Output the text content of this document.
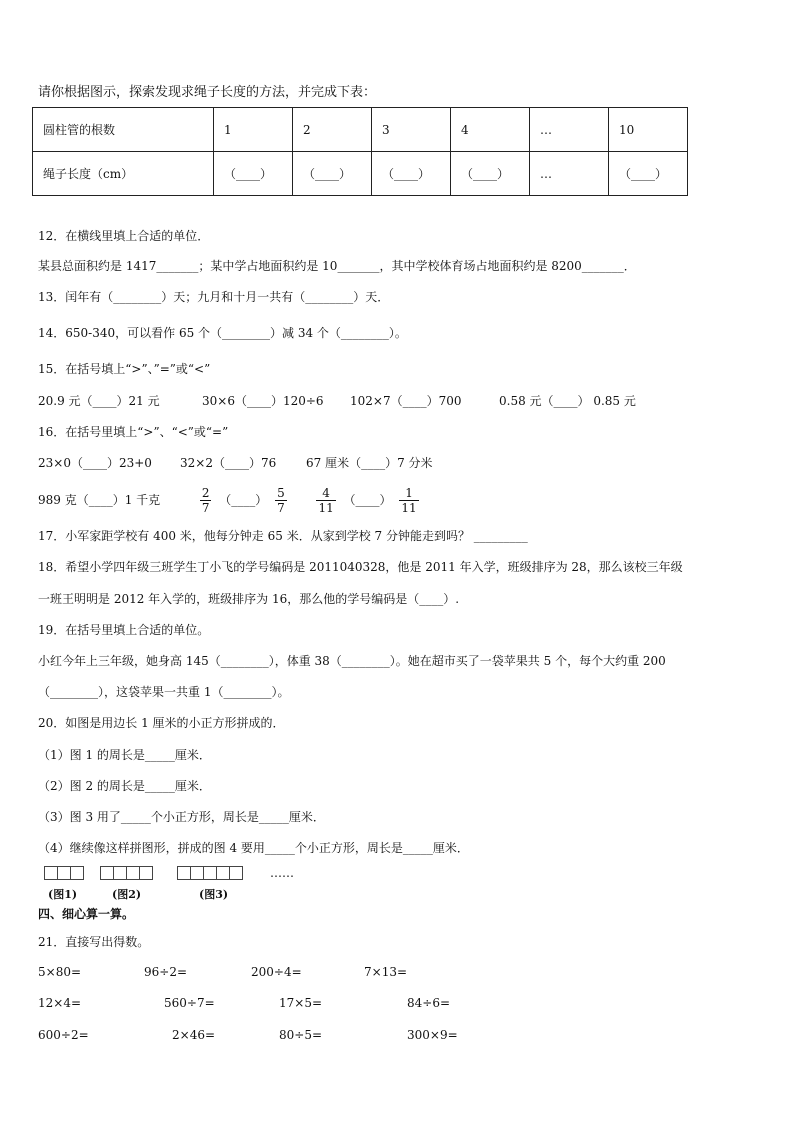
请你根据图示，探索发现求绳子长度的方法，并完成下表：
圆柱管的根数	1	2	3	4	…	10
绳子长度（cm）	（____）	（____）	（____）	（____）	…	（____）
12．在横线里填上合适的单位．
某县总面积约是 1417_______；某中学占地面积约是 10_______，其中学校体育场占地面积约是 8200_______．
13．闰年有（________）天；九月和十月一共有（________）天．
14．650-340，可以看作 65 个（________）减 34 个（________）。
15．在括号填上“>”、”=”或“<”
20.9 元（____）21 元	30×6（____）120÷6 102×7（____）700	0.58 元（____） 0.85 元
16．在括号里填上“>”、“<”或“=”
23×0（____）23+0 32×2（____）76 67 厘米（____）7 分米
989 克（____）1 千克	$\frac{2}{7}$ （____） $\frac{5}{7}$
$\frac{4}{11}$ （____） $\frac{1}{11}$
17．小军家距学校有 400 米，他每分钟走 65 米．从家到学校 7 分钟能走到吗？ _________
18．希望小学四年级三班学生丁小飞的学号编码是 2011040328，他是 2011 年入学，班级排序为 28，那么该校三年级
一班王明明是 2012 年入学的，班级排序为 16，那么他的学号编码是（____）.
19．在括号里填上合适的单位。
小红今年上三年级，她身高 145（________），体重 38（________）。她在超市买了一袋苹果共 5 个，每个大约重 200
（________），这袋苹果一共重 1（________）。
20．如图是用边长 1 厘米的小正方形拼成的．
（1）图 1 的周长是_____厘米．
（2）图 2 的周长是_____厘米．
（3）图 3 用了_____个小正方形，周长是_____厘米．
（4）继续像这样拼图形，拼成的图 4 要用_____个小正方形，周长是_____厘米．
(图1)	(图2)	(图3)
……
四、细心算一算。
21．直接写出得数。
5×80=	96÷2=	200÷4=	7×13=
12×4=	560÷7=	17×5=	84÷6=
600÷2=	2×46=	80÷5=	300×9=
